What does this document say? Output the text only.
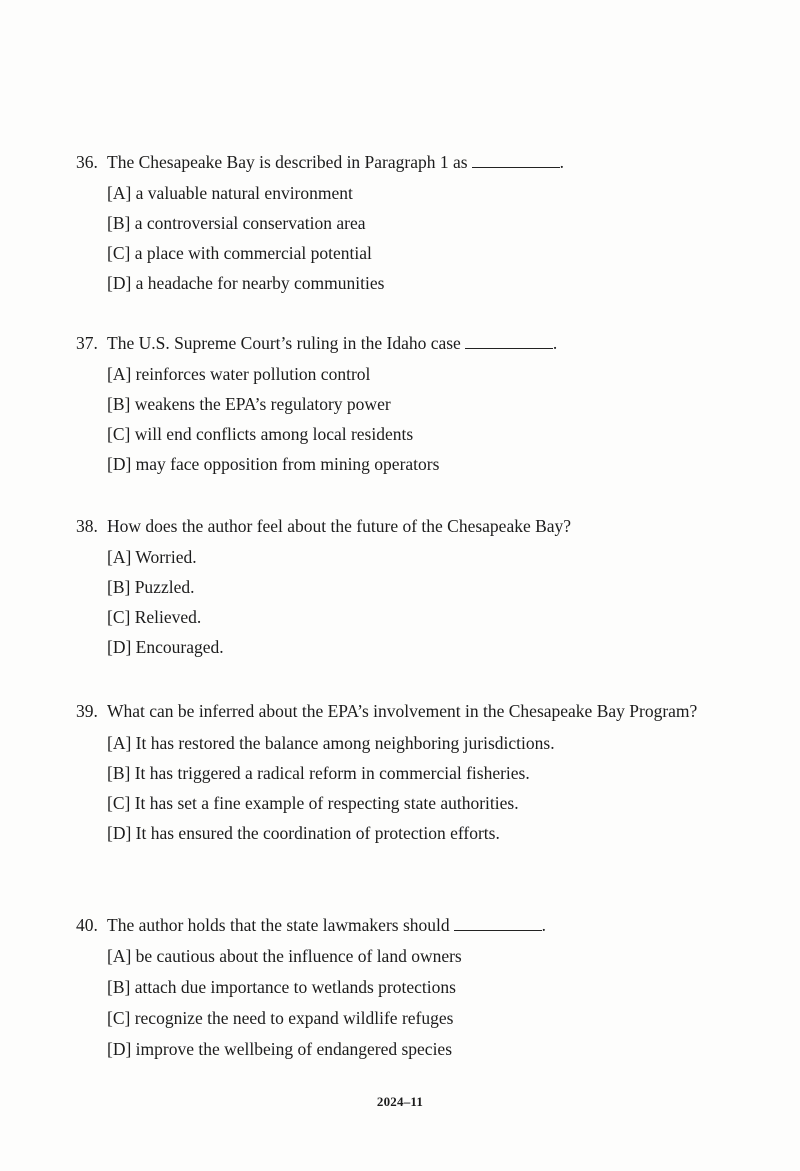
36. The Chesapeake Bay is described in Paragraph 1 as	.

[A] a valuable natural environment
[B] a controversial conservation area
[C] a place with commercial potential
[D] a headache for nearby communities

37. The U.S. Supreme Court’s ruling in the Idaho case	.

[A] reinforces water pollution control
[B] weakens the EPA’s regulatory power
[C] will end conflicts among local residents
[D] may face opposition from mining operators

38. How does the author feel about the future of the Chesapeake Bay?

[A] Worried.
[B] Puzzled.
[C] Relieved.
[D] Encouraged.

39. What can be inferred about the EPA’s involvement in the Chesapeake Bay Program?

[A] It has restored the balance among neighboring jurisdictions.
[B] It has triggered a radical reform in commercial fisheries.
[C] It has set a fine example of respecting state authorities.
[D] It has ensured the coordination of protection efforts.

40. The author holds that the state lawmakers should	.

[A] be cautious about the influence of land owners
[B] attach due importance to wetlands protections
[C] recognize the need to expand wildlife refuges
[D] improve the wellbeing of endangered species
2024–11
